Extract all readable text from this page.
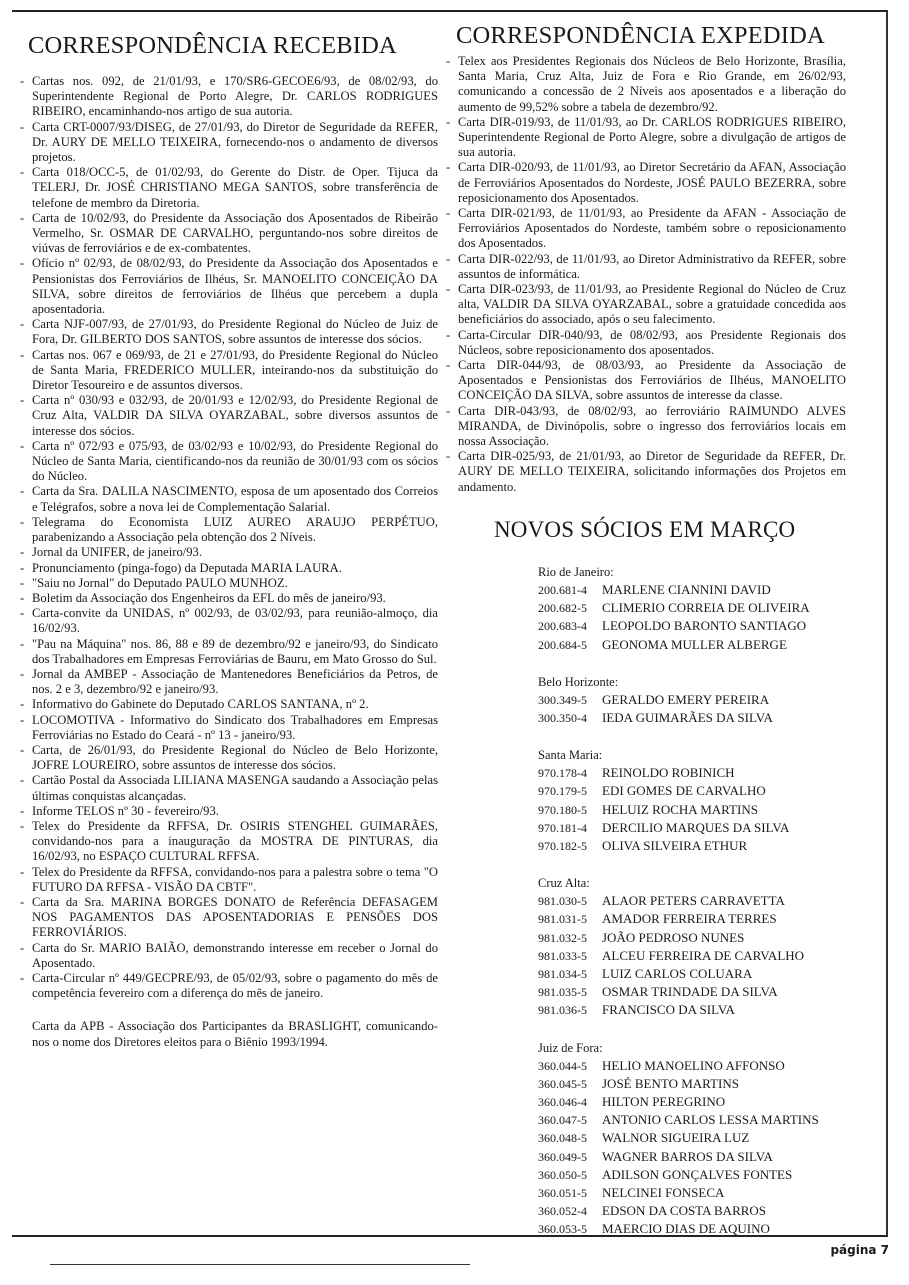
CORRESPONDÊNCIA RECEBIDA
- Cartas nos. 092, de 21/01/93, e 170/SR6-GECOE6/93, de 08/02/93, do Superintendente Regional de Porto Alegre, Dr. CARLOS RODRIGUES RIBEIRO, encaminhando-nos artigo de sua autoria.
- Carta CRT-0007/93/DISEG, de 27/01/93, do Diretor de Seguridade da REFER, Dr. AURY DE MELLO TEIXEIRA, fornecendo-nos o andamento de diversos projetos.
- Carta 018/OCC-5, de 01/02/93, do Gerente do Distr. de Oper. Tijuca da TELERJ, Dr. JOSÉ CHRISTIANO MEGA SANTOS, sobre transferência de telefone de membro da Diretoria.
- Carta de 10/02/93, do Presidente da Associação dos Aposentados de Ribeirão Vermelho, Sr. OSMAR DE CARVALHO, perguntando-nos sobre direitos de viúvas de ferroviários e de ex-combatentes.
- Ofício nº 02/93, de 08/02/93, do Presidente da Associação dos Aposentados e Pensionistas dos Ferroviários de Ilhéus, Sr. MANOELITO CONCEIÇÃO DA SILVA, sobre direitos de ferroviários de Ilhéus que percebem a dupla aposentadoria.
- Carta NJF-007/93, de 27/01/93, do Presidente Regional do Núcleo de Juiz de Fora, Dr. GILBERTO DOS SANTOS, sobre assuntos de interesse dos sócios.
- Cartas nos. 067 e 069/93, de 21 e 27/01/93, do Presidente Regional do Núcleo de Santa Maria, FREDERICO MULLER, inteirando-nos da substituição do Diretor Tesoureiro e de assuntos diversos.
- Carta nº 030/93 e 032/93, de 20/01/93 e 12/02/93, do Presidente Regional de Cruz Alta, VALDIR DA SILVA OYARZABAL, sobre diversos assuntos de interesse dos sócios.
- Carta nº 072/93 e 075/93, de 03/02/93 e 10/02/93, do Presidente Regional do Núcleo de Santa Maria, cientificando-nos da reunião de 30/01/93 com os sócios do Núcleo.
- Carta da Sra. DALILA NASCIMENTO, esposa de um aposentado dos Correios e Telégrafos, sobre a nova lei de Complementação Salarial.
- Telegrama do Economista LUIZ AUREO ARAUJO PERPÉTUO, parabenizando a Associação pela obtenção dos 2 Níveis.
- Jornal da UNIFER, de janeiro/93.
- Pronunciamento (pinga-fogo) da Deputada MARIA LAURA.
- "Saiu no Jornal" do Deputado PAULO MUNHOZ.
- Boletim da Associação dos Engenheiros da EFL do mês de janeiro/93.
- Carta-convite da UNIDAS, nº 002/93, de 03/02/93, para reunião-almoço, dia 16/02/93.
- "Pau na Máquina" nos. 86, 88 e 89 de dezembro/92 e janeiro/93, do Sindicato dos Trabalhadores em Empresas Ferroviárias de Bauru, em Mato Grosso do Sul.
- Jornal da AMBEP - Associação de Mantenedores Beneficiários da Petros, de nos. 2 e 3, dezembro/92 e janeiro/93.
- Informativo do Gabinete do Deputado CARLOS SANTANA, nº 2.
- LOCOMOTIVA - Informativo do Sindicato dos Trabalhadores em Empresas Ferroviárias no Estado do Ceará - nº 13 - janeiro/93.
- Carta, de 26/01/93, do Presidente Regional do Núcleo de Belo Horizonte, JOFRE LOUREIRO, sobre assuntos de interesse dos sócios.
- Cartão Postal da Associada LILIANA MASENGA saudando a Associação pelas últimas conquistas alcançadas.
- Informe TELOS nº 30 - fevereiro/93.
- Telex do Presidente da RFFSA, Dr. OSIRIS STENGHEL GUIMARÃES, convidando-nos para a inauguração da MOSTRA DE PINTURAS, dia 16/02/93, no ESPAÇO CULTURAL RFFSA.
- Telex do Presidente da RFFSA, convidando-nos para a palestra sobre o tema "O FUTURO DA RFFSA - VISÃO DA CBTF".
- Carta da Sra. MARINA BORGES DONATO de Referência DEFASAGEM NOS PAGAMENTOS DAS APOSENTADORIAS E PENSÕES DOS FERROVIÁRIOS.
- Carta do Sr. MARIO BAIÃO, demonstrando interesse em receber o Jornal do Aposentado.
- Carta-Circular nº 449/GECPRE/93, de 05/02/93, sobre o pagamento do mês de competência fevereiro com a diferença do mês de janeiro.
Carta da APB - Associação dos Participantes da BRASLIGHT, comunicando-nos o nome dos Diretores eleitos para o Biênio 1993/1994.
CORRESPONDÊNCIA EXPEDIDA
- Telex aos Presidentes Regionais dos Núcleos de Belo Horizonte, Brasília, Santa Maria, Cruz Alta, Juiz de Fora e Rio Grande, em 26/02/93, comunicando a concessão de 2 Níveis aos aposentados e a liberação do aumento de 99,52% sobre a tabela de dezembro/92.
- Carta DIR-019/93, de 11/01/93, ao Dr. CARLOS RODRIGUES RIBEIRO, Superintendente Regional de Porto Alegre, sobre a divulgação de artigos de sua autoria.
- Carta DIR-020/93, de 11/01/93, ao Diretor Secretário da AFAN, Associação de Ferroviários Aposentados do Nordeste, JOSÉ PAULO BEZERRA, sobre reposicionamento dos Aposentados.
- Carta DIR-021/93, de 11/01/93, ao Presidente da AFAN - Associação de Ferroviários Aposentados do Nordeste, também sobre o reposicionamento dos Aposentados.
- Carta DIR-022/93, de 11/01/93, ao Diretor Administrativo da REFER, sobre assuntos de informática.
- Carta DIR-023/93, de 11/01/93, ao Presidente Regional do Núcleo de Cruz alta, VALDIR DA SILVA OYARZABAL, sobre a gratuidade concedida aos beneficiários do associado, após o seu falecimento.
- Carta-Circular DIR-040/93, de 08/02/93, aos Presidente Regionais dos Núcleos, sobre reposicionamento dos aposentados.
- Carta DIR-044/93, de 08/03/93, ao Presidente da Associação de Aposentados e Pensionistas dos Ferroviários de Ilhéus, MANOELITO CONCEIÇÃO DA SILVA, sobre assuntos de interesse da classe.
- Carta DIR-043/93, de 08/02/93, ao ferroviário RAIMUNDO ALVES MIRANDA, de Divinópolis, sobre o ingresso dos ferroviários locais em nossa Associação.
- Carta DIR-025/93, de 21/01/93, ao Diretor de Seguridade da REFER, Dr. AURY DE MELLO TEIXEIRA, solicitando informações dos Projetos em andamento.
NOVOS SÓCIOS EM MARÇO
Rio de Janeiro:
200.681-4 MARLENE CIANNINI DAVID
200.682-5 CLIMERIO CORREIA DE OLIVEIRA
200.683-4 LEOPOLDO BARONTO SANTIAGO
200.684-5 GEONOMA MULLER ALBERGE
Belo Horizonte:
300.349-5 GERALDO EMERY PEREIRA
300.350-4 IEDA GUIMARÃES DA SILVA
Santa Maria:
970.178-4 REINOLDO ROBINICH
970.179-5 EDI GOMES DE CARVALHO
970.180-5 HELUIZ ROCHA MARTINS
970.181-4 DERCILIO MARQUES DA SILVA
970.182-5 OLIVA SILVEIRA ETHUR
Cruz Alta:
981.030-5 ALAOR PETERS CARRAVETTA
981.031-5 AMADOR FERREIRA TERRES
981.032-5 JOÃO PEDROSO NUNES
981.033-5 ALCEU FERREIRA DE CARVALHO
981.034-5 LUIZ CARLOS COLUARA
981.035-5 OSMAR TRINDADE DA SILVA
981.036-5 FRANCISCO DA SILVA
Juiz de Fora:
360.044-5 HELIO MANOELINO AFFONSO
360.045-5 JOSÉ BENTO MARTINS
360.046-4 HILTON PEREGRINO
360.047-5 ANTONIO CARLOS LESSA MARTINS
360.048-5 WALNOR SIGUEIRA LUZ
360.049-5 WAGNER BARROS DA SILVA
360.050-5 ADILSON GONÇALVES FONTES
360.051-5 NELCINEI FONSECA
360.052-4 EDSON DA COSTA BARROS
360.053-5 MAERCIO DIAS DE AQUINO
página 7
